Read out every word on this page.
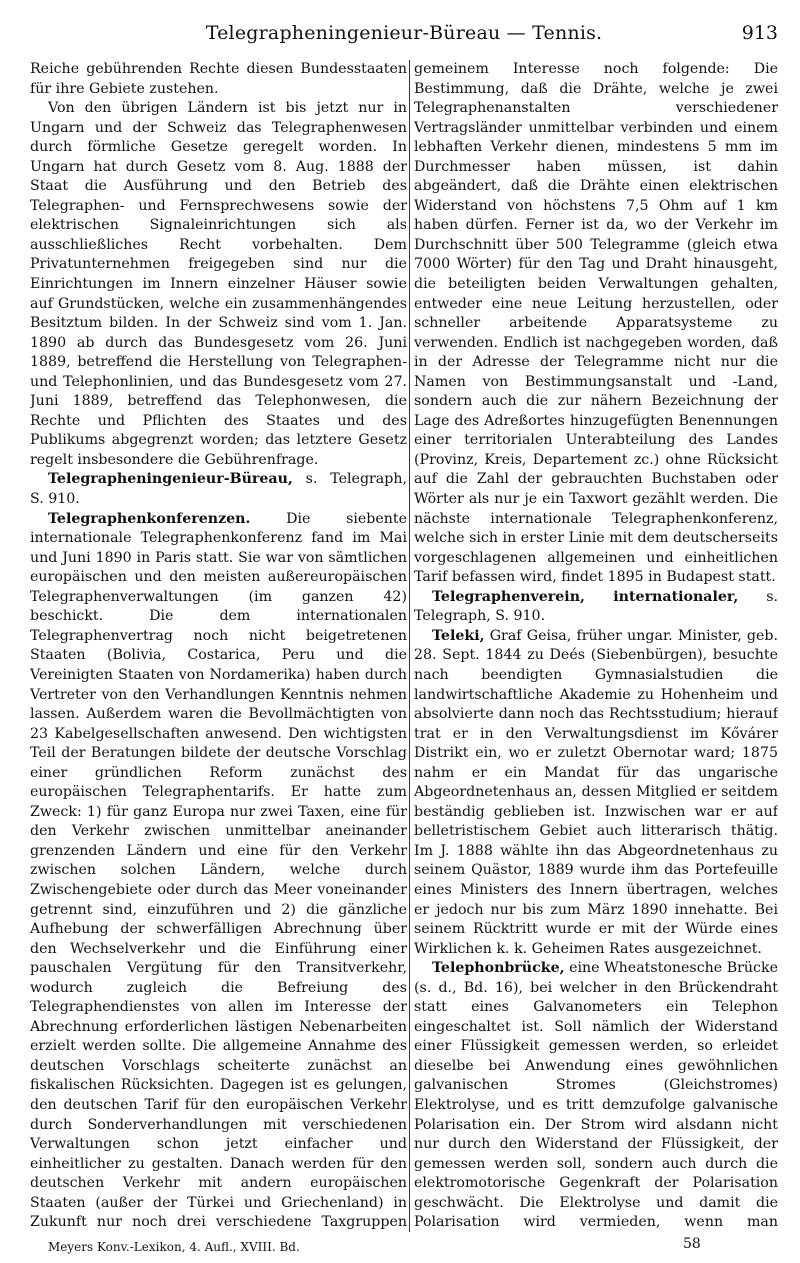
Telegrapheningenieur-Büreau — Tennis.	913

Reiche gebührenden Rechte diesen Bundesstaaten für ihre Gebiete zustehen.

Von den übrigen Ländern ist bis jetzt nur in Ungarn und der Schweiz das Telegraphenwesen durch förmliche Gesetze geregelt worden. In Ungarn hat durch Gesetz vom 8. Aug. 1888 der Staat die Ausführung und den Betrieb des Telegraphen- und Fernsprechwesens sowie der elektrischen Signaleinrichtungen sich als ausschließliches Recht vorbehalten. Dem Privatunternehmen freigegeben sind nur die Einrichtungen im Innern einzelner Häuser sowie auf Grundstücken, welche ein zusammenhängendes Besitztum bilden. In der Schweiz sind vom 1. Jan. 1890 ab durch das Bundesgesetz vom 26. Juni 1889, betreffend die Herstellung von Telegraphen- und Telephonlinien, und das Bundesgesetz vom 27. Juni 1889, betreffend das Telephonwesen, die Rechte und Pflichten des Staates und des Publikums abgegrenzt worden; das letztere Gesetz regelt insbesondere die Gebührenfrage.

Telegrapheningenieur-Büreau, s. Telegraph, S. 910.

Telegraphenkonferenzen.	Die siebente internationale Telegraphenkonferenz fand im Mai und Juni 1890 in Paris statt. Sie war von sämtlichen europäischen und den meisten außereuropäischen Telegraphenverwaltungen (im ganzen 42) beschickt. Die dem internationalen Telegraphenvertrag noch nicht beigetretenen Staaten (Bolivia, Costarica, Peru und die Vereinigten Staaten von Nordamerika) haben durch Vertreter von den Verhandlungen Kenntnis nehmen lassen. Außerdem waren die Bevollmächtigten von 23 Kabelgesellschaften anwesend. Den wichtigsten Teil der Beratungen bildete der deutsche Vorschlag einer gründlichen Reform zunächst des europäischen Telegraphentarifs. Er hatte zum Zweck: 1) für ganz Europa nur zwei Taxen, eine für den Verkehr zwischen unmittelbar aneinander grenzenden Ländern und eine für den Verkehr zwischen solchen Ländern, welche durch Zwischengebiete oder durch das Meer voneinander getrennt sind, einzuführen und 2) die gänzliche Aufhebung der schwerfälligen Abrechnung über den Wechselverkehr und die Einführung einer pauschalen Vergütung für den Transitverkehr, wodurch zugleich die Befreiung des Telegraphendienstes von allen im Interesse der Abrechnung erforderlichen lästigen Nebenarbeiten erzielt werden sollte. Die allgemeine Annahme des deutschen Vorschlags scheiterte zunächst an fiskalischen Rücksichten. Dagegen ist es gelungen, den deutschen Tarif für den europäischen Verkehr durch Sonderverhandlungen mit verschiedenen Verwaltungen schon jetzt einfacher und einheitlicher zu gestalten. Danach werden für den deutschen Verkehr mit andern europäischen Staaten (außer der Türkei und Griechenland) in Zukunft nur noch drei verschiedene Taxgruppen

gemeinem Interesse noch folgende: Die Bestimmung, daß die Drähte, welche je zwei Telegraphenanstalten verschiedener Vertragsländer unmittelbar verbinden und einem lebhaften Verkehr dienen, mindestens 5 mm im Durchmesser haben müssen, ist dahin abgeändert, daß die Drähte einen elektrischen Widerstand von höchstens 7,5 Ohm auf 1 km haben dürfen. Ferner ist da, wo der Verkehr im Durchschnitt über 500 Telegramme (gleich etwa 7000 Wörter) für den Tag und Draht hinausgeht, die beteiligten beiden Verwaltungen gehalten, entweder eine neue Leitung herzustellen, oder schneller arbeitende Apparatsysteme zu verwenden. Endlich ist nachgegeben worden, daß in der Adresse der Telegramme nicht nur die Namen von Bestimmungsanstalt und -Land, sondern auch die zur nähern Bezeichnung der Lage des Adreßortes hinzugefügten Benennungen einer territorialen Unterabteilung des Landes (Provinz, Kreis, Departement zc.) ohne Rücksicht auf die Zahl der gebrauchten Buchstaben oder Wörter als nur je ein Taxwort gezählt werden. Die nächste internationale Telegraphenkonferenz, welche sich in erster Linie mit dem deutscherseits vorgeschlagenen allgemeinen und einheitlichen Tarif befassen wird, findet 1895 in Budapest statt.

Telegraphenverein, internationaler, s. Telegraph, S. 910.

Teleki, Graf Geisa, früher ungar. Minister, geb. 28. Sept. 1844 zu Deés (Siebenbürgen), besuchte nach beendigten Gymnasialstudien die landwirtschaftliche Akademie zu Hohenheim und absolvierte dann noch das Rechtsstudium; hierauf trat er in den Verwaltungsdienst im Kővárer Distrikt ein, wo er zuletzt Obernotar ward; 1875 nahm er ein Mandat für das ungarische Abgeordnetenhaus an, dessen Mitglied er seitdem beständig geblieben ist. Inzwischen war er auf belletristischem Gebiet auch litterarisch thätig. Im J. 1888 wählte ihn das Abgeordnetenhaus zu seinem Quästor, 1889 wurde ihm das Portefeuille eines Ministers des Innern übertragen, welches er jedoch nur bis zum März 1890 innehatte. Bei seinem Rücktritt wurde er mit der Würde eines Wirklichen k. k. Geheimen Rates ausgezeichnet.

Telephonbrücke, eine Wheatstonesche Brücke (s. d., Bd. 16), bei welcher in den Brückendraht statt eines Galvanometers ein Telephon eingeschaltet ist. Soll nämlich der Widerstand einer Flüssigkeit gemessen werden, so erleidet dieselbe bei Anwendung eines gewöhnlichen galvanischen Stromes (Gleichstromes) Elektrolyse, und es tritt demzufolge galvanische Polarisation ein. Der Strom wird alsdann nicht nur durch den Widerstand der Flüssigkeit, der gemessen werden soll, sondern auch durch die elektromotorische Gegenkraft der Polarisation geschwächt. Die Elektrolyse und damit die Polarisation wird vermieden, wenn man

Meyers Konv.-Lexikon, 4. Aufl., XVIII. Bd.	58
